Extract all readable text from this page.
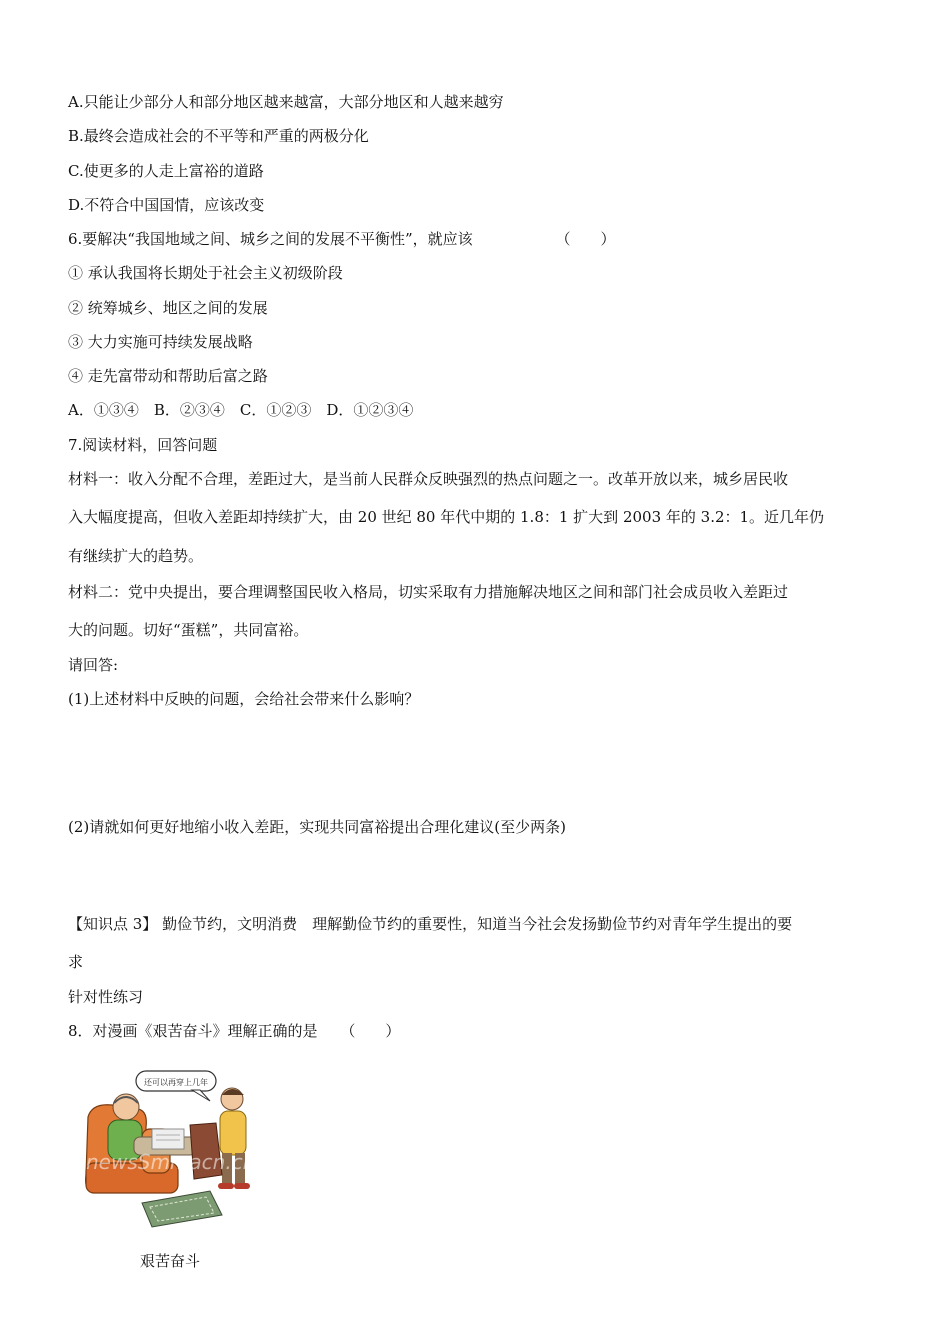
A.只能让少部分人和部分地区越来越富，大部分地区和人越来越穷
B.最终会造成社会的不平等和严重的两极分化
C.使更多的人走上富裕的道路
D.不符合中国国情，应该改变
6.要解决“我国地域之间、城乡之间的发展不平衡性”，就应该	（　　）
① 承认我国将长期处于社会主义初级阶段
② 统筹城乡、地区之间的发展
③ 大力实施可持续发展战略
④ 走先富带动和帮助后富之路
A．①③④　B．②③④　C．①②③　D．①②③④
7.阅读材料，回答问题
材料一：收入分配不合理，差距过大，是当前人民群众反映强烈的热点问题之一。改革开放以来，城乡居民收
入大幅度提高，但收入差距却持续扩大，由 20 世纪 80 年代中期的 1.8：1 扩大到 2003 年的 3.2：1。近几年仍
有继续扩大的趋势。
材料二：党中央提出，要合理调整国民收入格局，切实采取有力措施解决地区之间和部门社会成员收入差距过
大的问题。切好“蛋糕”，共同富裕。
请回答:
(1)上述材料中反映的问题，会给社会带来什么影响？
(2)请就如何更好地缩小收入差距，实现共同富裕提出合理化建议(至少两条)
【知识点 3】 勤俭节约，文明消费　理解勤俭节约的重要性，知道当今社会发扬勤俭节约对青年学生提出的要
求
针对性练习
8．对漫画《艰苦奋斗》理解正确的是 （　　）
还可以再穿上几年
newsSmmacn.cn
艰苦奋斗
